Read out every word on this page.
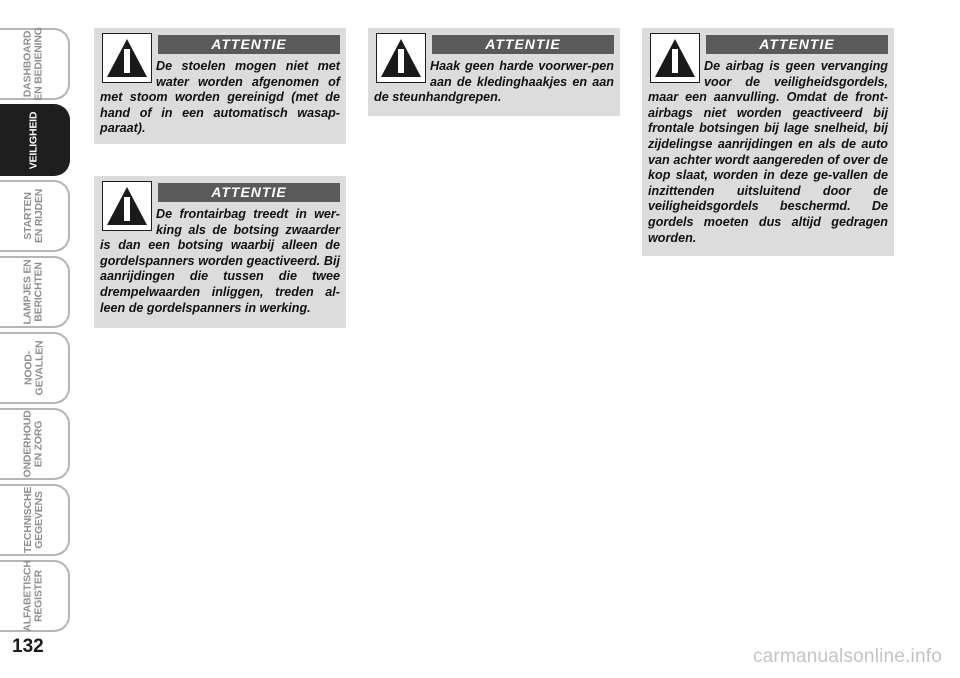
DASHBOARD
EN BEDIENING
VEILIGHEID
STARTEN
EN RIJDEN
LAMPJES EN
BERICHTEN
NOOD-
GEVALLEN
ONDERHOUD
EN ZORG
TECHNISCHE
GEGEVENS
ALFABETISCH
REGISTER
132
ATTENTIE

De stoelen mogen niet met water worden afgenomen of met stoom worden gereinigd (met de hand of in een automatisch wasap-paraat).

ATTENTIE

De frontairbag treedt in wer-king als de botsing zwaarder is dan een botsing waarbij alleen de gordelspanners worden geactiveerd. Bij aanrijdingen die tussen die twee drempelwaarden inliggen, treden al-leen de gordelspanners in werking.

ATTENTIE

Haak geen harde voorwer-pen aan de kledinghaakjes en aan de steunhandgrepen.

ATTENTIE

De airbag is geen vervanging voor de veiligheidsgordels, maar een aanvulling. Omdat de front-airbags niet worden geactiveerd bij frontale botsingen bij lage snelheid, bij zijdelingse aanrijdingen en als de auto van achter wordt aangereden of over de kop slaat, worden in deze ge-vallen de inzittenden uitsluitend door de veiligheidsgordels beschermd. De gordels moeten dus altijd gedragen worden.

carmanualsonline.info
